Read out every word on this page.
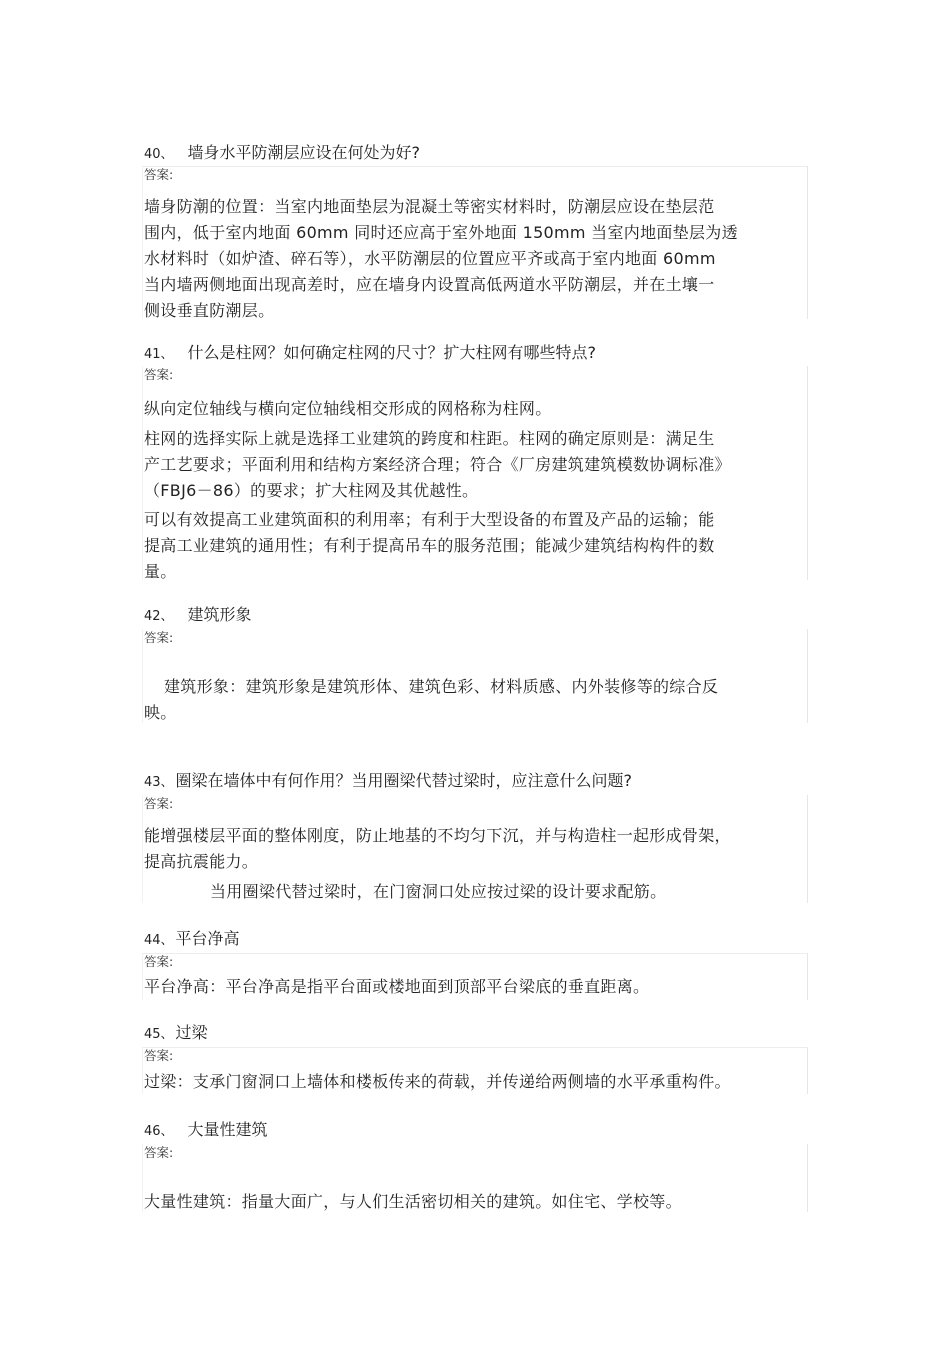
40、 墙身水平防潮层应设在何处为好?
答案:
墙身防潮的位置：当室内地面垫层为混凝土等密实材料时，防潮层应设在垫层范
围内，低于室内地面 60mm 同时还应高于室外地面 150mm 当室内地面垫层为透
水材料时（如炉渣、碎石等），水平防潮层的位置应平齐或高于室内地面 60mm
当内墙两侧地面出现高差时，应在墙身内设置高低两道水平防潮层，并在土壤一
侧设垂直防潮层。
41、 什么是柱网？如何确定柱网的尺寸？扩大柱网有哪些特点?
答案:
纵向定位轴线与横向定位轴线相交形成的网格称为柱网。
柱网的选择实际上就是选择工业建筑的跨度和柱距。柱网的确定原则是：满足生
产工艺要求；平面利用和结构方案经济合理；符合《厂房建筑建筑模数协调标准》
（FBJ6－86）的要求；扩大柱网及其优越性。
可以有效提高工业建筑面积的利用率；有利于大型设备的布置及产品的运输；能
提高工业建筑的通用性；有利于提高吊车的服务范围；能减少建筑结构构件的数
量。
42、 建筑形象
答案:
建筑形象：建筑形象是建筑形体、建筑色彩、材料质感、内外装修等的综合反
映。
43、 圈梁在墙体中有何作用？当用圈梁代替过梁时，应注意什么问题?
答案:
能增强楼层平面的整体刚度，防止地基的不均匀下沉，并与构造柱一起形成骨架，
提高抗震能力。
当用圈梁代替过梁时，在门窗洞口处应按过梁的设计要求配筋。
44、 平台净高
答案:
平台净高：平台净高是指平台面或楼地面到顶部平台梁底的垂直距离。
45、 过梁
答案:
过梁：支承门窗洞口上墙体和楼板传来的荷载，并传递给两侧墙的水平承重构件。
46、 大量性建筑
答案:
大量性建筑：指量大面广，与人们生活密切相关的建筑。如住宅、学校等。
